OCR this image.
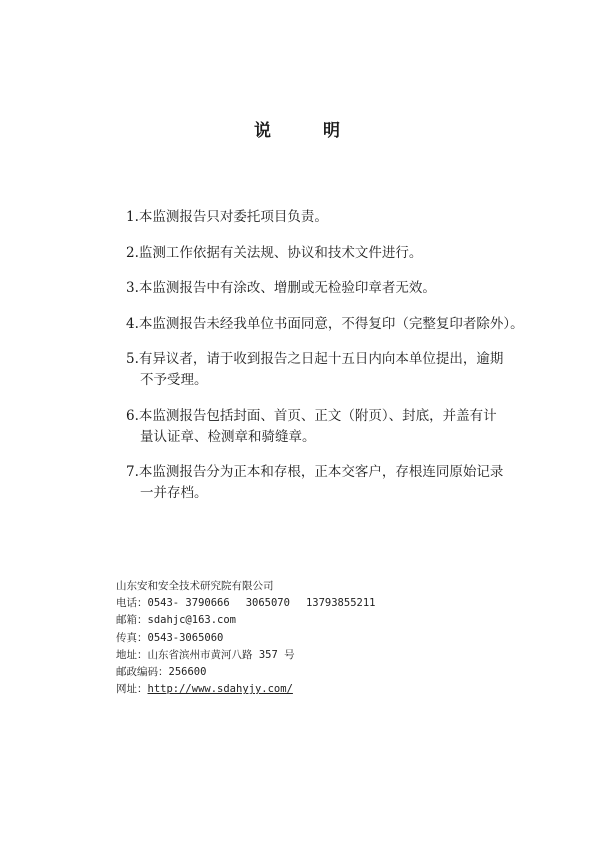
说	明
1.本监测报告只对委托项目负责。
2.监测工作依据有关法规、协议和技术文件进行。
3.本监测报告中有涂改、增删或无检验印章者无效。
4.本监测报告未经我单位书面同意，不得复印（完整复印者除外）。
5.有异议者，请于收到报告之日起十五日内向本单位提出，逾期
不予受理。
6.本监测报告包括封面、首页、正文（附页）、封底，并盖有计
量认证章、检测章和骑缝章。
7.本监测报告分为正本和存根，正本交客户，存根连同原始记录
一并存档。
山东安和安全技术研究院有限公司
电话：0543- 3790666 3065070 13793855211
邮箱：sdahjc@163.com
传真：0543-3065060
地址：山东省滨州市黄河八路 357 号
邮政编码：256600
网址：http://www.sdahyjy.com/
